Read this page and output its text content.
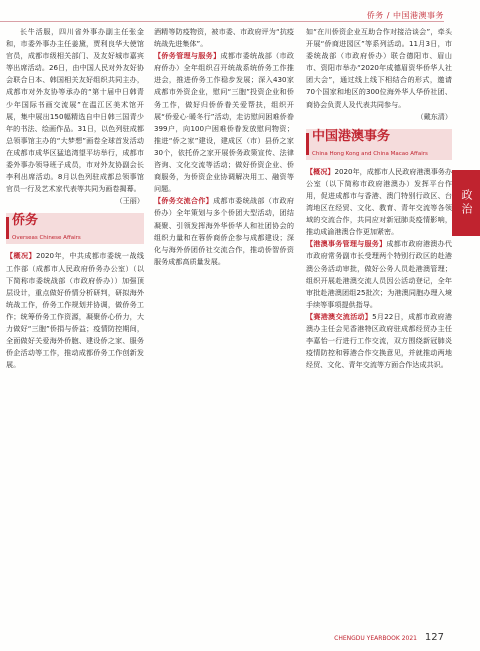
侨务 / 中国港澳事务

长牛活服，四川省外事办副主任张金和，市委外事办主任姜黛，贾利良华大使馆官员，成都市级相关部门、及友好城市嘉宾等出席活动。26日，由中国人民对外友好协会联合日本、韩国相关友好组织共同主办，成都市对外友协等承办的“第十届中日韩青少年国际书画交流展”在温江区美术馆开展，集中展出150幅精选自中日韩三国青少年的书法、绘画作品。31日，以色列驻成都总领事馆主办的“大梦想”画卷全球首发活动在成都市成华区猛追湾望平坊举行，成都市委外事办领导班子成员，市对外友协副会长李利出席活动。8月以色列驻成都总领事馆官员一行及艺术家代表等共同为画卷揭幕。

（王丽）

侨务
Overseas Chinese Affairs

【概况】2020年，中共成都市委统一战线工作部（成都市人民政府侨务办公室）（以下简称市委统战部（市政府侨办））加强顶层设计，重点做好侨情分析研判，研拟海外统战工作，侨务工作规划并协调，做侨务工作；统筹侨务工作资源，凝聚侨心侨力，大力做好“三胞”侨捐与侨益；疫情防控期间，全面做好关爱海外侨胞、建设侨之家、服务侨企活动等工作，推动成都侨务工作创新发展。

酒精等防疫物资，被市委、市政府评为“抗疫统战先进集体”。

【侨务管理与服务】成都市委统战部（市政府侨办）全年组织召开统战系统侨务工作推进会，推进侨务工作稳步发展；深入430家成都市外资企业，慰问“三胞”投资企业和侨务工作，做好归侨侨眷关爱帮扶，组织开展“侨爱心·暖冬行”活动，走访慰问困难侨眷399户，向100户困难侨眷发放慰问物资；推进“侨之家”建设，建成区（市）县侨之家30个，依托侨之家开展侨务政策宣传、法律咨询、文化交流等活动；做好侨资企业、侨商服务，为侨资企业协调解决用工、融资等问题。

【侨务交流合作】成都市委统战部（市政府侨办）全年策划与多个侨团大型活动，团结凝聚、引领发挥海外华侨华人和社团协会的组织力量和在蓉侨商侨企参与成都建设；深化与海外侨团侨社交流合作，推动侨智侨资服务成都高质量发展。

如“在川侨资企业互助合作对接洽谈会”，牵头开展“侨商进园区”等系列活动。11月3日，市委统战部（市政府侨办）联合德阳市、眉山市、资阳市举办“2020年成德眉资华侨华人社团大会”，通过线上线下相结合的形式，邀请70个国家和地区的300位海外华人华侨社团、商协会负责人及代表共同参与。

（戴东清）

中国港澳事务
China Hong Kong and China Macao Affairs

【概况】2020年，成都市人民政府港澳事务办公室（以下简称市政府港澳办）发挥平台作用，促进成都市与香港、澳门特别行政区、台湾地区在经贸、文化、教育、青年交流等各领域的交流合作，共同应对新冠肺炎疫情影响，推动成渝港澳合作更加紧密。

【港澳事务管理与服务】成都市政府港澳办代市政府常务副市长受理两个特别行政区的赴港澳公务活动审批，做好公务人员赴港澳管理；组织开展赴港澳交流人员因公活动登记，全年审批赴港澳团组25批次；为港澳同胞办理入境手续等事项提供指导。

【赛港澳交流活动】5月22日，成都市政府港澳办主任会见香港特区政府驻成都经贸办主任李嘉怡一行进行工作交流，双方围绕新冠肺炎疫情防控和蓉港合作交换意见，并就推动两地经贸、文化、青年交流等方面合作达成共识。

政治
CHENGDU YEARBOOK 2021 127
